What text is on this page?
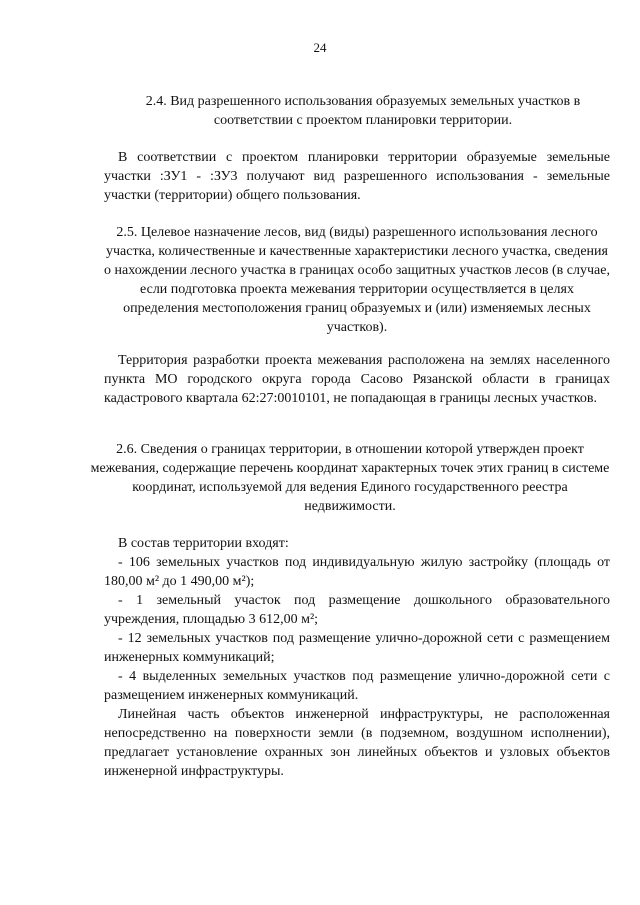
24
2.4. Вид разрешенного использования образуемых земельных участков в соответствии с проектом планировки территории.
В соответствии с проектом планировки территории образуемые земельные участки :ЗУ1 - :ЗУ3 получают вид разрешенного использования - земельные участки (территории) общего пользования.
2.5. Целевое назначение лесов, вид (виды) разрешенного использования лесного участка, количественные и качественные характеристики лесного участка, сведения о нахождении лесного участка в границах особо защитных участков лесов (в случае, если подготовка проекта межевания территории осуществляется в целях определения местоположения границ образуемых и (или) изменяемых лесных участков).
Территория разработки проекта межевания расположена на землях населенного пункта МО городского округа города Сасово Рязанской области в границах кадастрового квартала 62:27:0010101, не попадающая в границы лесных участков.
2.6. Сведения о границах территории, в отношении которой утвержден проект межевания, содержащие перечень координат характерных точек этих границ в системе координат, используемой для ведения Единого государственного реестра недвижимости.
В состав территории входят:
- 106 земельных участков под индивидуальную жилую застройку (площадь от 180,00 м² до 1 490,00 м²);
- 1 земельный участок под размещение дошкольного образовательного учреждения, площадью 3 612,00 м²;
- 12 земельных участков под размещение улично-дорожной сети с размещением инженерных коммуникаций;
- 4 выделенных земельных участков под размещение улично-дорожной сети с размещением инженерных коммуникаций.
Линейная часть объектов инженерной инфраструктуры, не расположенная непосредственно на поверхности земли (в подземном, воздушном исполнении), предлагает установление охранных зон линейных объектов и узловых объектов инженерной инфраструктуры.
